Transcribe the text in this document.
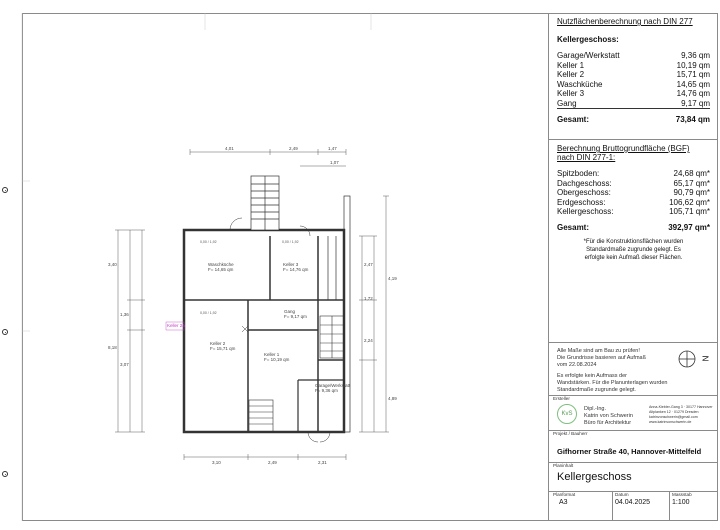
0,00 / 1,92	0,00 / 1,92
0,00 / 1,92
4,01	2,49	1,47
1,07
3,10	2,49	2,31
3,40
1,36
3,07
8,18
2,47
1,72
2,24
4,19
4,89
Waschküche
F= 14,65 qm
Keller 3
F= 14,76 qm
Gang
F= 9,17 qm
Keller 2
F= 15,71 qm
Keller 1
F= 10,19 qm
Garage/Werkstatt
F= 9,36 qm
Keller 2a
Nutzflächenberechnung nach DIN 277
Kellergeschoss:
Garage/Werkstatt	9,36 qm
Keller 1	10,19 qm
Keller 2	15,71 qm
Waschküche	14,65 qm
Keller 3	14,76 qm
Gang	9,17 qm
Gesamt:	73,84 qm
Berechnung Bruttogrundfläche (BGF)
nach DIN 277-1:
Spitzboden:	24,68 qm*
Dachgeschoss:	65,17 qm*
Obergeschoss:	90,79 qm*
Erdgeschoss:	106,62 qm*
Kellergeschoss:	105,71 qm*
Gesamt:	392,97 qm*
*Für die Konstruktionsflächen wurden
Standardmaße zugrunde gelegt. Es
erfolgte kein Aufmaß dieser Flächen.
Alle Maße sind am Bau zu prüfen!
Die Grundrisse basieren auf Aufmaß
vom 22.08.2024
Es erfolgte kein Aufmass der
Wandstärken. Für die Planunterlagen wurden
Standardmaße zugrunde gelegt.
N
Ersteller
KvS
Dipl.-Ing.
Katrin von Schwerin
Büro für Architektur
Anna-Kiebler-Gang 3 · 30177 Hannover
Altplanken 12 · 01279 Dresden
katrinvonschwerin@gmail.com
www.katrinvonschwerin.de
Projekt / Bauherr
Gifhorner Straße 40, Hannover-Mittelfeld
Planinhalt
Kellergeschoss
Planformat
A3
Datum
04.04.2025
Massstab
1:100
